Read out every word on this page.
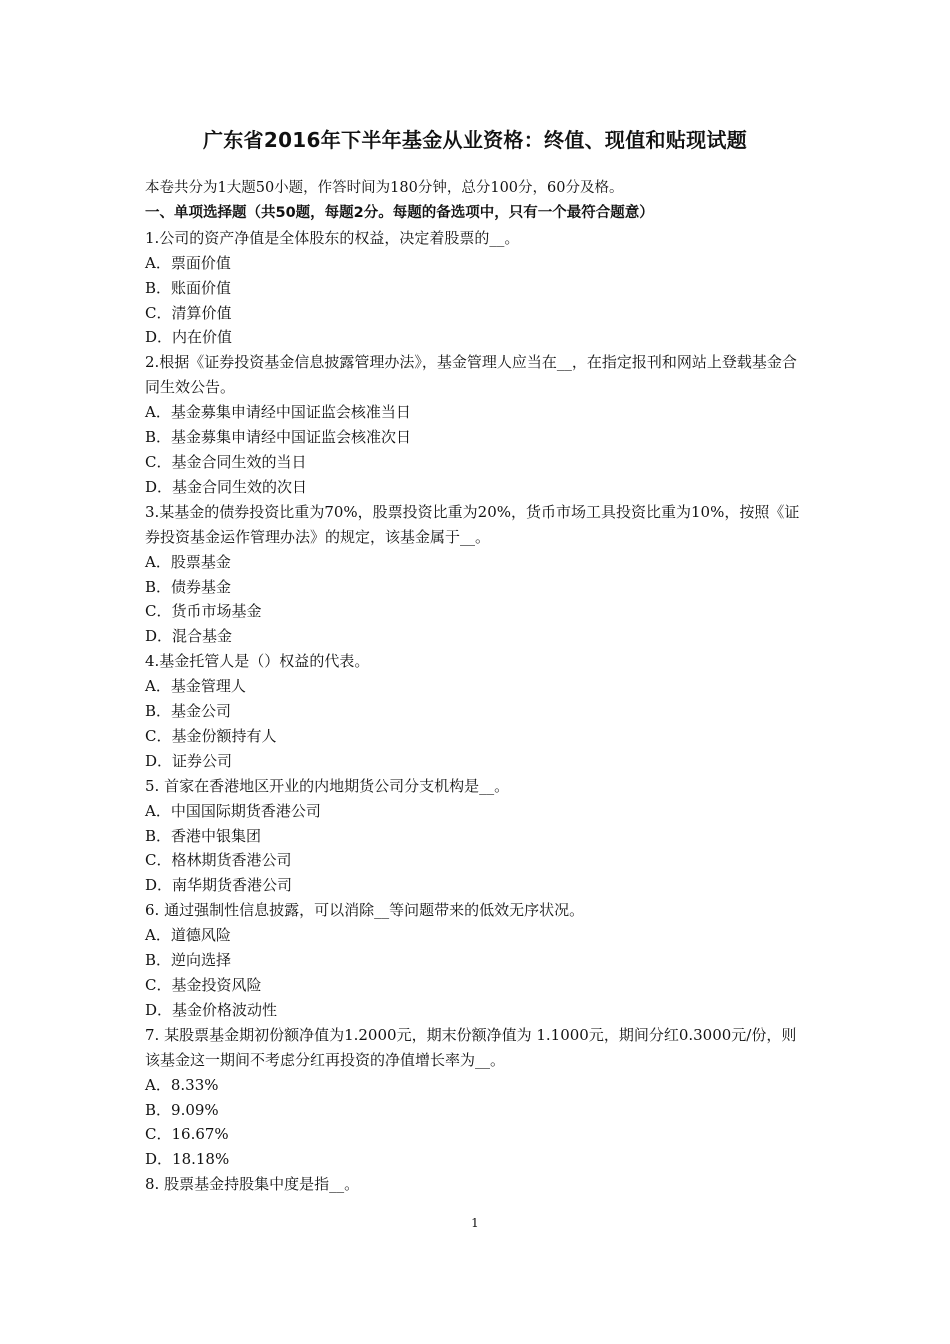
广东省2016年下半年基金从业资格：终值、现值和贴现试题
本卷共分为1大题50小题，作答时间为180分钟，总分100分，60分及格。
一、单项选择题（共50题，每题2分。每题的备选项中，只有一个最符合题意）
1.公司的资产净值是全体股东的权益，决定着股票的__。
A．票面价值
B．账面价值
C．清算价值
D．内在价值
2.根据《证券投资基金信息披露管理办法》，基金管理人应当在__，在指定报刊和网站上登载基金合同生效公告。
A．基金募集申请经中国证监会核准当日
B．基金募集申请经中国证监会核准次日
C．基金合同生效的当日
D．基金合同生效的次日
3.某基金的债券投资比重为70%，股票投资比重为20%，货币市场工具投资比重为10%，按照《证券投资基金运作管理办法》的规定，该基金属于__。
A．股票基金
B．债券基金
C．货币市场基金
D．混合基金
4.基金托管人是（）权益的代表。
A．基金管理人
B．基金公司
C．基金份额持有人
D．证券公司
5. 首家在香港地区开业的内地期货公司分支机构是__。
A．中国国际期货香港公司
B．香港中银集团
C．格林期货香港公司
D．南华期货香港公司
6. 通过强制性信息披露，可以消除__等问题带来的低效无序状况。
A．道德风险
B．逆向选择
C．基金投资风险
D．基金价格波动性
7. 某股票基金期初份额净值为1.2000元，期末份额净值为 1.1000元，期间分红0.3000元/份，则该基金这一期间不考虑分红再投资的净值增长率为__。
A．8.33%
B．9.09%
C．16.67%
D．18.18%
8. 股票基金持股集中度是指__。
1
